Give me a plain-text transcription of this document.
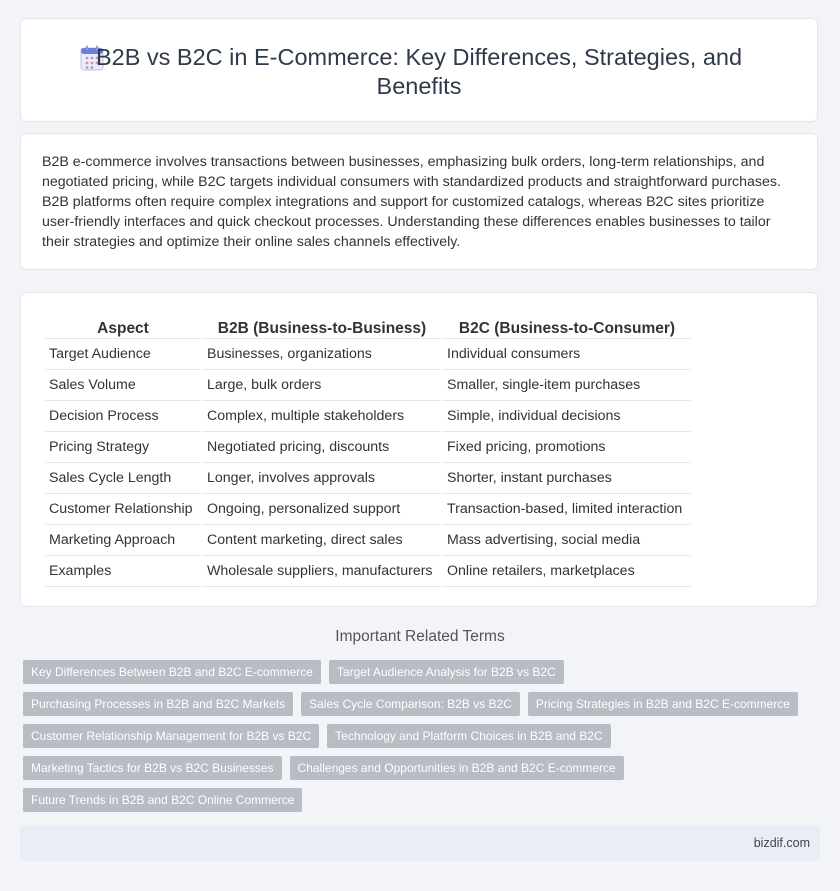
B2B vs B2C in E-Commerce: Key Differences, Strategies, and Benefits

B2B e-commerce involves transactions between businesses, emphasizing bulk orders, long-term relationships, and negotiated pricing, while B2C targets individual consumers with standardized products and straightforward purchases. B2B platforms often require complex integrations and support for customized catalogs, whereas B2C sites prioritize user-friendly interfaces and quick checkout processes. Understanding these differences enables businesses to tailor their strategies and optimize their online sales channels effectively.

Aspect	B2B (Business-to-Business)	B2C (Business-to-Consumer)
Target Audience	Businesses, organizations	Individual consumers
Sales Volume	Large, bulk orders	Smaller, single-item purchases
Decision Process	Complex, multiple stakeholders	Simple, individual decisions
Pricing Strategy	Negotiated pricing, discounts	Fixed pricing, promotions
Sales Cycle Length	Longer, involves approvals	Shorter, instant purchases
Customer Relationship	Ongoing, personalized support	Transaction-based, limited interaction
Marketing Approach	Content marketing, direct sales	Mass advertising, social media
Examples	Wholesale suppliers, manufacturers	Online retailers, marketplaces
Important Related Terms
Key Differences Between B2B and B2C E-commerce	Target Audience Analysis for B2B vs B2C
Purchasing Processes in B2B and B2C Markets	Sales Cycle Comparison: B2B vs B2C	Pricing Strategies in B2B and B2C E-commerce
Customer Relationship Management for B2B vs B2C	Technology and Platform Choices in B2B and B2C
Marketing Tactics for B2B vs B2C Businesses	Challenges and Opportunities in B2B and B2C E-commerce
Future Trends in B2B and B2C Online Commerce
bizdif.com
